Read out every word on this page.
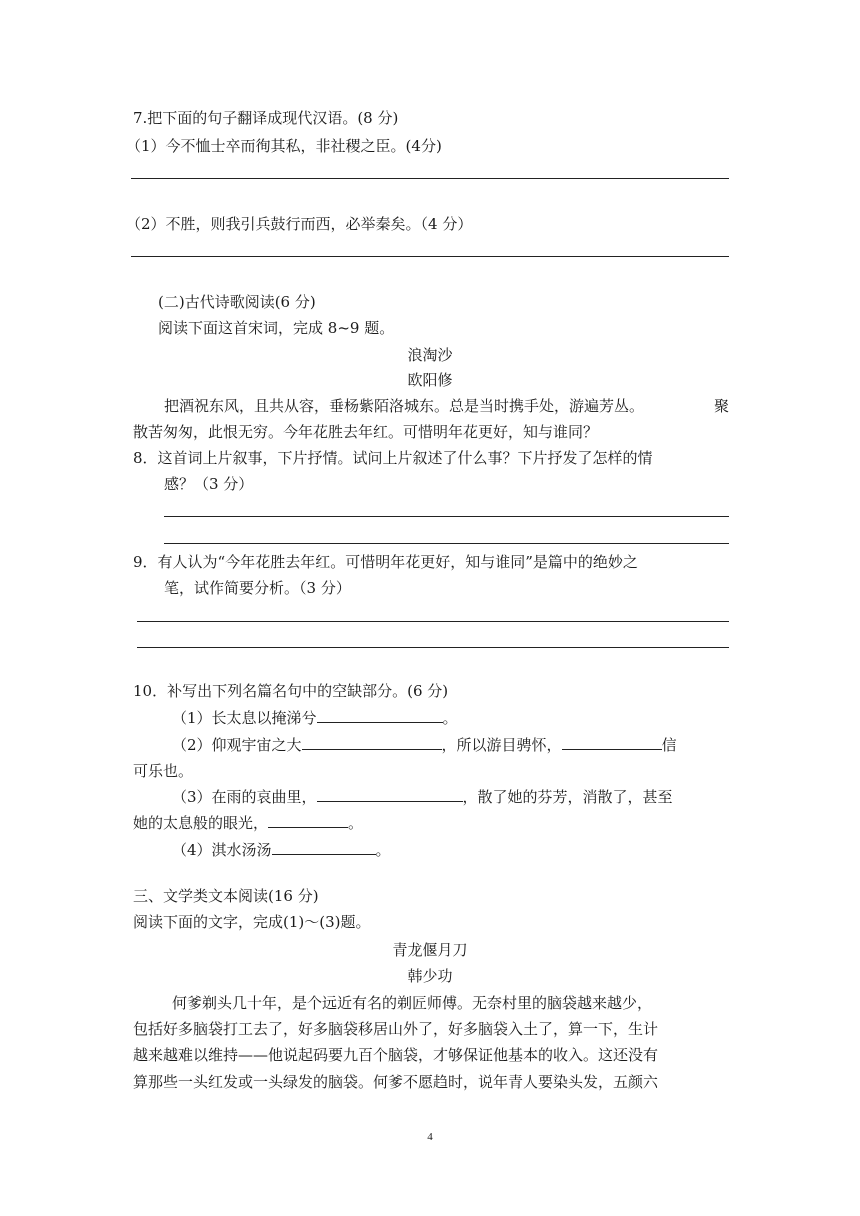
7.把下面的句子翻译成现代汉语。(8 分)

（1）今不恤士卒而徇其私，非社稷之臣。(4分)

（2）不胜，则我引兵鼓行而西，必举秦矣。（4 分）

(二)古代诗歌阅读(6 分)

阅读下面这首宋词，完成 8~9 题。

浪淘沙

欧阳修

把酒祝东风，且共从容，垂杨紫陌洛城东。总是当时携手处，游遍芳丛。	聚

散苦匆匆，此恨无穷。今年花胜去年红。可惜明年花更好，知与谁同？

8．这首词上片叙事，下片抒情。试问上片叙述了什么事？下片抒发了怎样的情

感？（3 分）

9．有人认为“今年花胜去年红。可惜明年花更好，知与谁同”是篇中的绝妙之

笔，试作简要分析。（3 分）

10．补写出下列名篇名句中的空缺部分。(6 分)

（1）长太息以掩涕兮	。

（2）仰观宇宙之大	，所以游目骋怀，	信

可乐也。

（3）在雨的哀曲里，	，散了她的芬芳，消散了，甚至

她的太息般的眼光，	。

（4）淇水汤汤	。

三、文学类文本阅读(16 分)

阅读下面的文字，完成(1)～(3)题。

青龙偃月刀

韩少功

何爹剃头几十年，是个远近有名的剃匠师傅。无奈村里的脑袋越来越少，

包括好多脑袋打工去了，好多脑袋移居山外了，好多脑袋入土了，算一下，生计

越来越难以维持——他说起码要九百个脑袋，才够保证他基本的收入。这还没有

算那些一头红发或一头绿发的脑袋。何爹不愿趋时，说年青人要染头发，五颜六

4
